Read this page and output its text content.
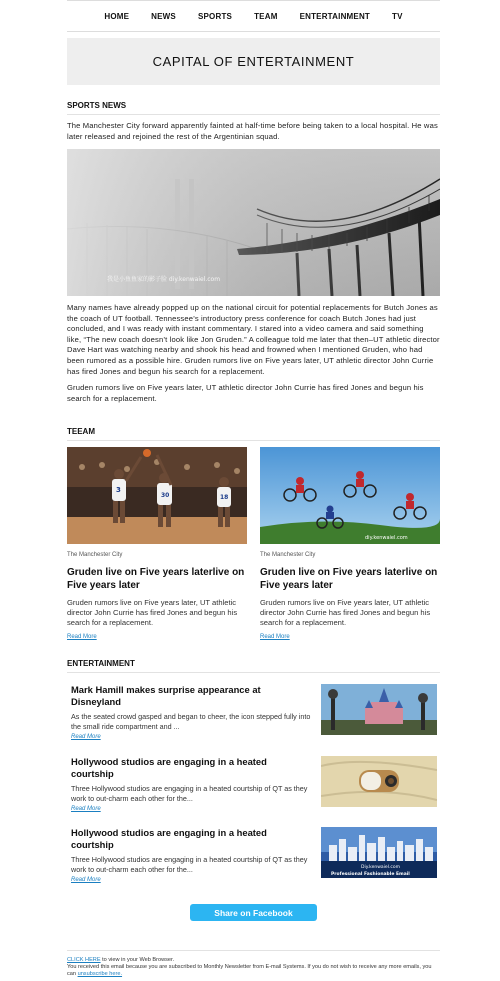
HOME	NEWS	SPORTS	TEAM	ENTERTAINMENT	TV
CAPITAL OF ENTERTAINMENT
SPORTS NEWS

The Manchester City forward apparently fainted at half-time before being taken to a local hospital. He was later released and rejoined the rest of the Argentinian squad.

我是小鱼鱼家的影子脸 diy.kenwaiel.com

Many names have already popped up on the national circuit for potential replacements for Butch Jones as the coach of UT football. Tennessee’s introductory press conference for coach Butch Jones had just concluded, and I was ready with instant commentary. I stared into a video camera and said something like, “The new coach doesn’t look like Jon Gruden.” A colleague told me later that then–UT athletic director Dave Hart was watching nearby and shook his head and frowned when I mentioned Gruden, who had been rumored as a possible hire. Gruden rumors live on Five years later, UT athletic director John Currie has fired Jones and begun his search for a replacement.

Gruden rumors live on Five years later, UT athletic director John Currie has fired Jones and begun his search for a replacement.

TEEAM
3
30	18
The Manchester City
Gruden live on Five years laterlive on Five years later

Gruden rumors live on Five years later, UT athletic director John Currie has fired Jones and begun his search for a replacement.

Read More
diy.kenwaiel.com
The Manchester City
Gruden live on Five years laterlive on Five years later

Gruden rumors live on Five years later, UT athletic director John Currie has fired Jones and begun his search for a replacement.

Read More
ENTERTAINMENT
Mark Hamill makes surprise appearance at Disneyland

As the seated crowd gasped and began to cheer, the icon stepped fully into the small ride compartment and ...

Read More
Hollywood studios are engaging in a heated courtship

Three Hollywood studios are engaging in a heated courtship of QT as they work to out-charm each other for the...

Read More
Hollywood studios are engaging in a heated courtship

Three Hollywood studios are engaging in a heated courtship of QT as they work to out-charm each other for the...

Read More
Diy.kenwaiel.com
Professional Fashionable Email
Share on Facebook
CLICK HERE to view in your Web Browser.
You received this email because you are subscribed to Monthly Newsletter from E-mail Systems. If you do not wish to receive any more emails, you can unsubscribe here.
